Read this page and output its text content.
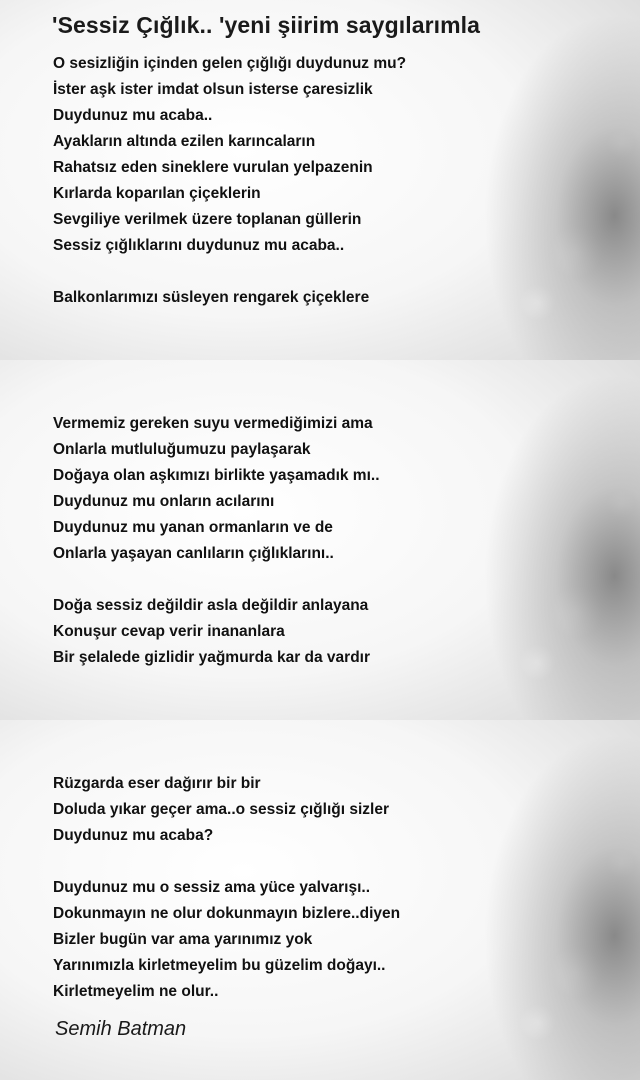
'Sessiz Çığlık.. 'yeni şiirim saygılarımla
O sesizliğin içinden gelen çığlığı duydunuz mu?
İster aşk ister imdat olsun isterse çaresizlik
Duydunuz mu acaba..
Ayakların altında ezilen karıncaların
Rahatsız eden sineklere vurulan yelpazenin
Kırlarda koparılan çiçeklerin
Sevgiliye verilmek üzere toplanan güllerin
Sessiz çığlıklarını duydunuz mu acaba..
Balkonlarımızı süsleyen rengarek çiçeklere
Vermemiz gereken suyu vermediğimizi ama
Onlarla mutluluğumuzu paylaşarak
Doğaya olan aşkımızı birlikte yaşamadık mı..
Duydunuz mu onların acılarını
Duydunuz mu yanan ormanların ve de
Onlarla yaşayan canlıların çığlıklarını..
Doğa sessiz değildir asla değildir anlayana
Konuşur cevap verir inananlara
Bir şelalede gizlidir yağmurda kar da vardır
Rüzgarda eser dağırır bir bir
Doluda yıkar geçer ama..o sessiz çığlığı sizler
Duydunuz mu acaba?
Duydunuz mu o sessiz ama yüce yalvarışı..
Dokunmayın ne olur dokunmayın bizlere..diyen
Bizler bugün var ama yarınımız yok
Yarınımızla kirletmeyelim bu güzelim doğayı..
Kirletmeyelim ne olur..
Semih Batman
